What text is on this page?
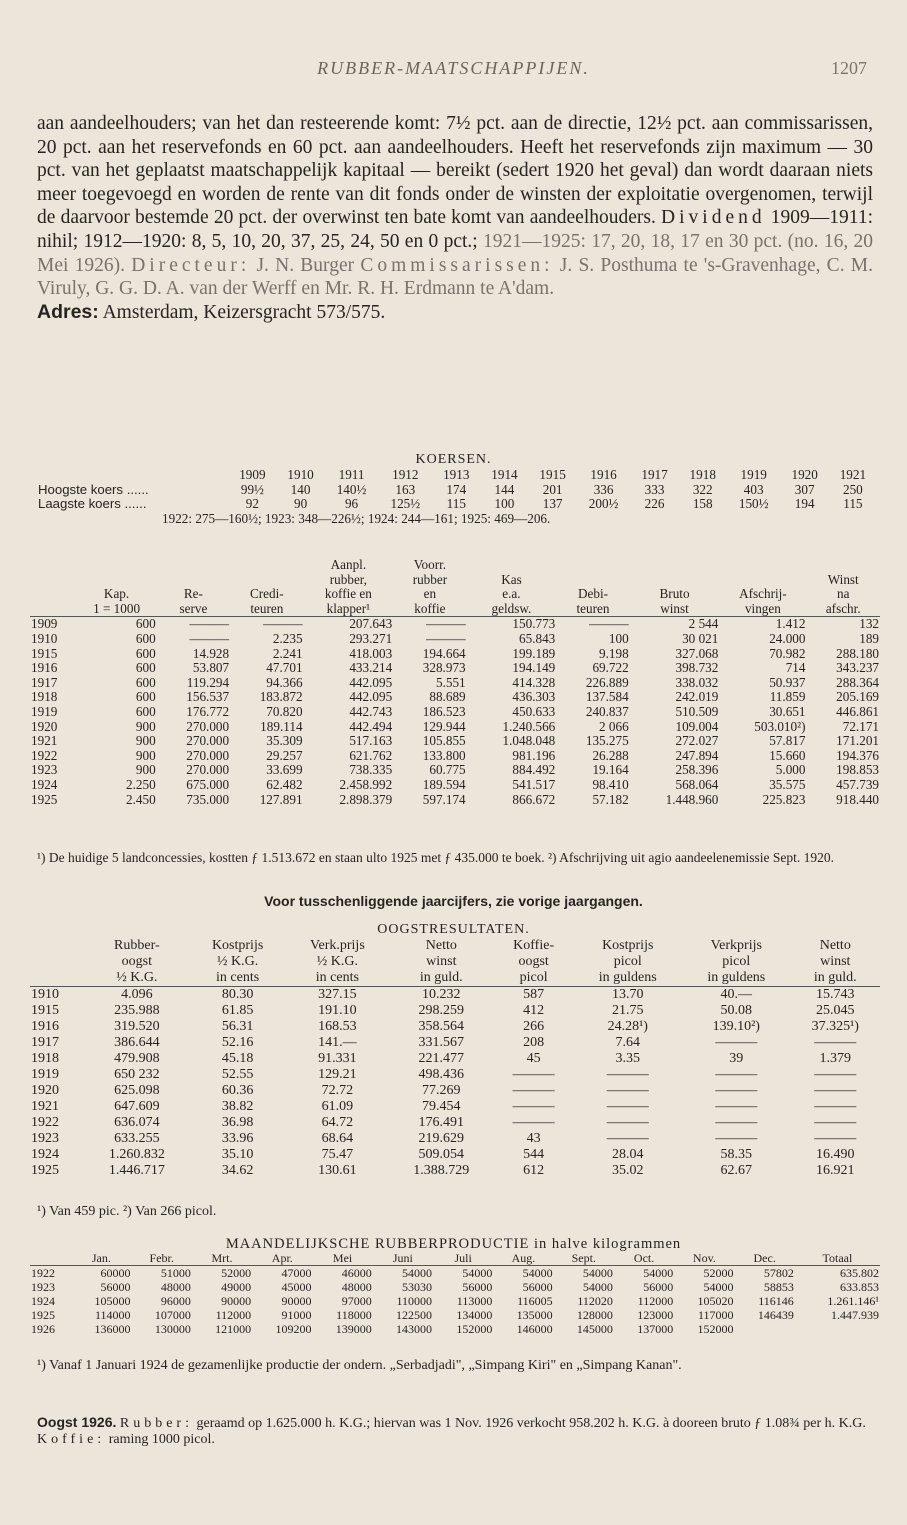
RUBBER-MAATSCHAPPIJEN.	1207
aan aandeelhouders; van het dan resteerende komt: 7½ pct. aan de directie, 12½ pct. aan commissarissen, 20 pct. aan het reservefonds en 60 pct. aan aandeelhouders. Heeft het reservefonds zijn maximum — 30 pct. van het geplaatst maatschappelijk kapitaal — bereikt (sedert 1920 het geval) dan wordt daaraan niets meer toegevoegd en worden de rente van dit fonds onder de winsten der exploitatie overgenomen, terwijl de daarvoor bestemde 20 pct. der overwinst ten bate komt van aandeelhouders. Dividend 1909—1911: nihil; 1912—1920: 8, 5, 10, 20, 37, 25, 24, 50 en 0 pct.; 1921—1925: 17, 20, 18, 17 en 30 pct. (no. 16, 20 Mei 1926). Directeur: J. N. Burger Commissarissen: J. S. Posthuma te 's-Gravenhage, C. M. Viruly, G. G. D. A. van der Werff en Mr. R. H. Erdmann te A'dam.
Adres: Amsterdam, Keizersgracht 573/575.
KOERSEN.
	1909	1910	1911	1912	1913	1914	1915	1916	1917	1918	1919	1920	1921
Hoogste koers ......	99½	140	140½	163	174	144	201	336	333	322	403	307	250
Laagste koers ......	92	90	96	125½	115	100	137	200½	226	158	150½	194	115
1922: 275—160½; 1923: 348—226½; 1924: 244—161; 1925: 469—206.
				Aanpl.	Voorr.					
				rubber,	rubber	Kas				Winst
	Kap.	Re-	Credi-	koffie en	en	e.a.	Debi-	Bruto	Afschrij-	na
	1 = 1000	serve	teuren	klapper¹	koffie	geldsw.	teuren	winst	vingen	afschr.
1909	600	———	———	207.643	———	150.773	———	2 544	1.412	132
1910	600	———	2.235	293.271	———	65.843	100	30 021	24.000	189
1915	600	14.928	2.241	418.003	194.664	199.189	9.198	327.068	70.982	288.180
1916	600	53.807	47.701	433.214	328.973	194.149	69.722	398.732	714	343.237
1917	600	119.294	94.366	442.095	5.551	414.328	226.889	338.032	50.937	288.364
1918	600	156.537	183.872	442.095	88.689	436.303	137.584	242.019	11.859	205.169
1919	600	176.772	70.820	442.743	186.523	450.633	240.837	510.509	30.651	446.861
1920	900	270.000	189.114	442.494	129.944	1.240.566	2 066	109.004	503.010²)	72.171
1921	900	270.000	35.309	517.163	105.855	1.048.048	135.275	272.027	57.817	171.201
1922	900	270.000	29.257	621.762	133.800	981.196	26.288	247.894	15.660	194.376
1923	900	270.000	33.699	738.335	60.775	884.492	19.164	258.396	5.000	198.853
1924	2.250	675.000	62.482	2.458.992	189.594	541.517	98.410	568.064	35.575	457.739
1925	2.450	735.000	127.891	2.898.379	597.174	866.672	57.182	1.448.960	225.823	918.440
¹) De huidige 5 landconcessies, kostten ƒ 1.513.672 en staan ulto 1925 met ƒ 435.000 te boek. ²) Afschrijving uit agio aandeelenemissie Sept. 1920.
Voor tusschenliggende jaarcijfers, zie vorige jaargangen.
OOGSTRESULTATEN.
	Rubber-	Kostprijs	Verk.prijs	Netto	Koffie-	Kostprijs	Verkprijs	Netto
	oogst	½ K.G.	½ K.G.	winst	oogst	picol	picol	winst
	½ K.G.	in cents	in cents	in guld.	picol	in guldens	in guldens	in guld.
1910	4.096	80.30	327.15	10.232	587	13.70	40.—	15.743
1915	235.988	61.85	191.10	298.259	412	21.75	50.08	25.045
1916	319.520	56.31	168.53	358.564	266	24.28¹)	139.10²)	37.325¹)
1917	386.644	52.16	141.—	331.567	208	7.64	———	———
1918	479.908	45.18	91.331	221.477	45	3.35	39	1.379
1919	650 232	52.55	129.21	498.436	———	———	———	———
1920	625.098	60.36	72.72	77.269	———	———	———	———
1921	647.609	38.82	61.09	79.454	———	———	———	———
1922	636.074	36.98	64.72	176.491	———	———	———	———
1923	633.255	33.96	68.64	219.629	43	———	———	———
1924	1.260.832	35.10	75.47	509.054	544	28.04	58.35	16.490
1925	1.446.717	34.62	130.61	1.388.729	612	35.02	62.67	16.921
¹) Van 459 pic. ²) Van 266 picol.
MAANDELIJKSCHE RUBBERPRODUCTIE in halve kilogrammen
	Jan.	Febr.	Mrt.	Apr.	Mei	Juni	Juli	Aug.	Sept.	Oct.	Nov.	Dec.	Totaal
1922	60000	51000	52000	47000	46000	54000	54000	54000	54000	54000	52000	57802	635.802
1923	56000	48000	49000	45000	48000	53030	56000	56000	54000	56000	54000	58853	633.853
1924	105000	96000	90000	90000	97000	110000	113000	116005	112020	112000	105020	116146	1.261.146¹
1925	114000	107000	112000	91000	118000	122500	134000	135000	128000	123000	117000	146439	1.447.939
1926	136000	130000	121000	109200	139000	143000	152000	146000	145000	137000	152000		
¹) Vanaf 1 Januari 1924 de gezamenlijke productie der ondern. „Serbadjadi", „Simpang Kiri" en „Simpang Kanan".
Oogst 1926. Rubber: geraamd op 1.625.000 h. K.G.; hiervan was 1 Nov. 1926 verkocht 958.202 h. K.G. à dooreen bruto ƒ 1.08¾ per h. K.G.
Koffie: raming 1000 picol.
